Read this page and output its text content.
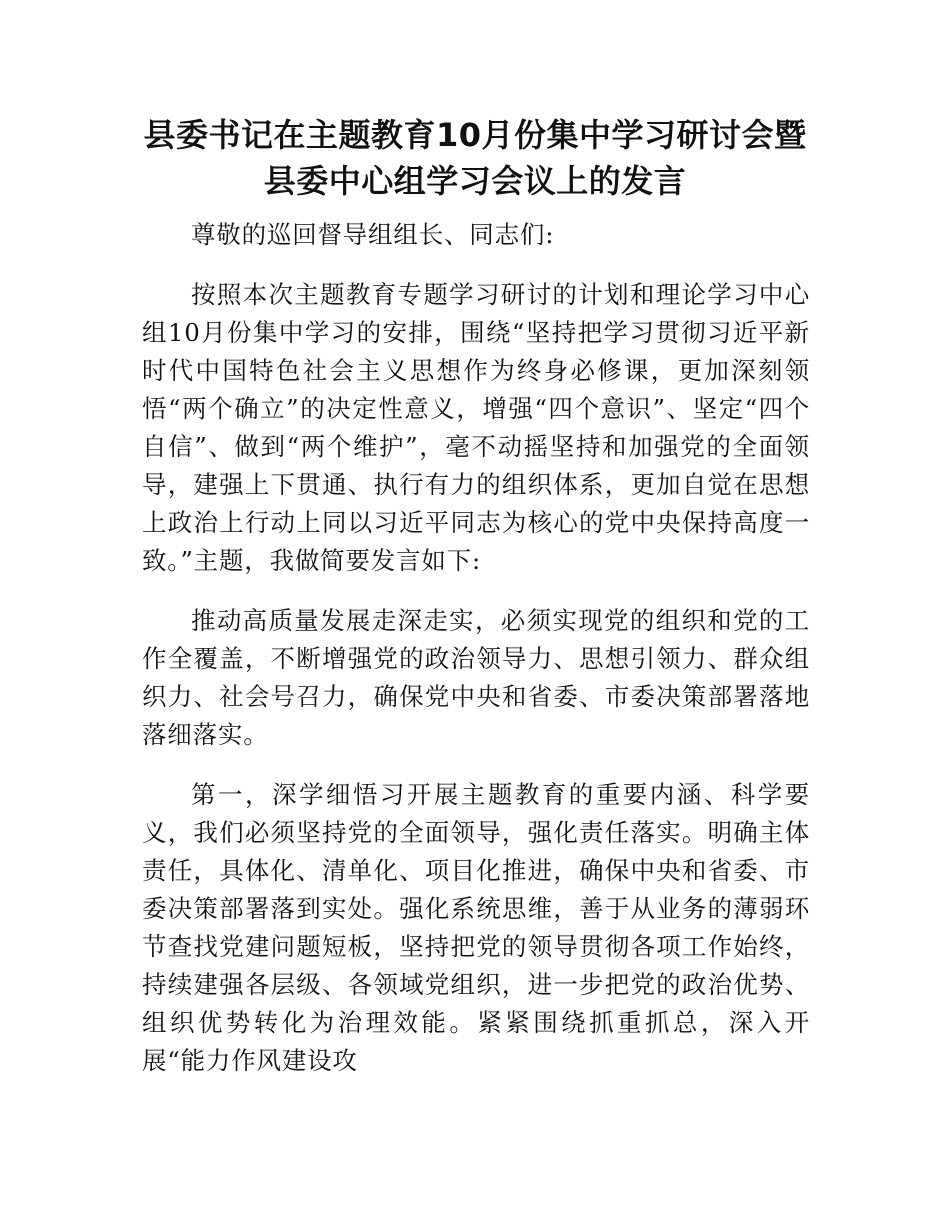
县委书记在主题教育10月份集中学习研讨会暨
县委中心组学习会议上的发言

尊敬的巡回督导组组长、同志们:

按照本次主题教育专题学习研讨的计划和理论学习中心组10月份集中学习的安排，围绕“坚持把学习贯彻习近平新时代中国特色社会主义思想作为终身必修课，更加深刻领悟“两个确立”的决定性意义，增强“四个意识”、坚定“四个自信”、做到“两个维护”，毫不动摇坚持和加强党的全面领导，建强上下贯通、执行有力的组织体系，更加自觉在思想上政治上行动上同以习近平同志为核心的党中央保持高度一致。”主题，我做简要发言如下:

推动高质量发展走深走实，必须实现党的组织和党的工作全覆盖，不断增强党的政治领导力、思想引领力、群众组织力、社会号召力，确保党中央和省委、市委决策部署落地落细落实。

第一，深学细悟习开展主题教育的重要内涵、科学要义，我们必须坚持党的全面领导，强化责任落实。明确主体责任，具体化、清单化、项目化推进，确保中央和省委、市委决策部署落到实处。强化系统思维，善于从业务的薄弱环节查找党建问题短板，坚持把党的领导贯彻各项工作始终，持续建强各层级、各领域党组织，进一步把党的政治优势、组织优势转化为治理效能。紧紧围绕抓重抓总，深入开展“能力作风建设攻
